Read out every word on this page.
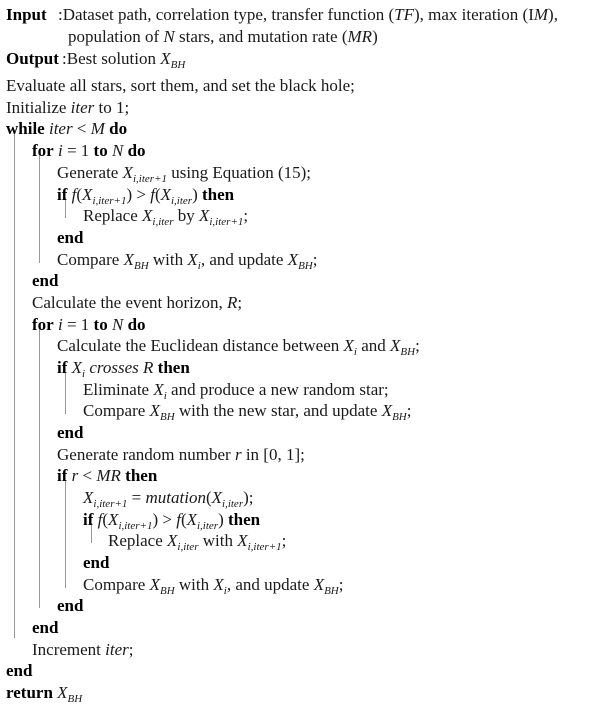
Input :Dataset path, correlation type, transfer function (TF), max iteration (IM),
population of N stars, and mutation rate (MR)
Output :Best solution $X_{BH}$
Evaluate all stars, sort them, and set the black hole;
Initialize iter to 1;
while iter < M do
for i = 1 to N do
Generate $X_{i,iter+1}$ using Equation (15);
if $f(X_{i,iter+1}) > f(X_{i,iter})$ then
Replace $X_{i,iter}$ by $X_{i,iter+1}$;
end
Compare $X_{BH}$ with $X_i$, and update $X_{BH}$;
end
Calculate the event horizon, R;
for i = 1 to N do
Calculate the Euclidean distance between $X_i$ and $X_{BH}$;
if $X_i$ crosses R then
Eliminate $X_i$ and produce a new random star;
Compare $X_{BH}$ with the new star, and update $X_{BH}$;
end
Generate random number r in [0, 1];
if r < MR then
$X_{i,iter+1}$ = $mutation(X_{i,iter})$;
if $f(X_{i,iter+1}) > f(X_{i,iter})$ then
Replace $X_{i,iter}$ with $X_{i,iter+1}$;
end
Compare $X_{BH}$ with $X_i$, and update $X_{BH}$;
end
end
Increment iter;
end
return $X_{BH}$
